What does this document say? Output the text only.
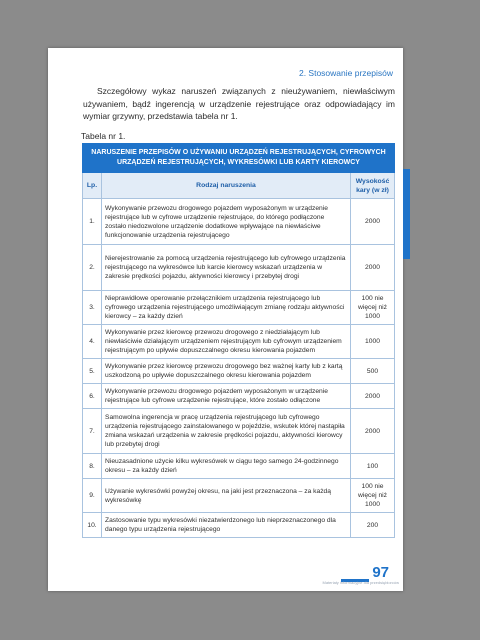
2. Stosowanie przepisów

Szczegółowy wykaz naruszeń związanych z nieużywaniem, niewłaściwym używaniem, bądź ingerencją w urządzenie rejestrujące oraz odpowiadający im wymiar grzywny, przedstawia tabela nr 1.

Tabela nr 1.
NARUSZENIE PRZEPISÓW O UŻYWANIU URZĄDZEŃ REJESTRUJĄCYCH, CYFROWYCH URZĄDZEŃ REJESTRUJĄCYCH, WYKRESÓWKI LUB KARTY KIEROWCY		
Lp.	Rodzaj naruszenia	Wysokość kary (w zł)
1.	Wykonywanie przewozu drogowego pojazdem wyposażonym w urządzenie rejestrujące lub w cyfrowe urządzenie rejestrujące, do którego podłączone zostało niedozwolone urządzenie dodatkowe wpływające na niewłaściwe funkcjonowanie urządzenia rejestrującego	2000
2.	Nierejestrowanie za pomocą urządzenia rejestrującego lub cyfrowego urządzenia rejestrującego na wykresówce lub karcie kierowcy wskazań urządzenia w zakresie prędkości pojazdu, aktywności kierowcy i przebytej drogi	2000
3.	Nieprawidłowe operowanie przełącznikiem urządzenia rejestrującego lub cyfrowego urządzenia rejestrującego umożliwiającym zmianę rodzaju aktywności kierowcy – za każdy dzień	100 nie więcej niż 1000
4.	Wykonywanie przez kierowcę przewozu drogowego z niedziałającym lub niewłaściwie działającym urządzeniem rejestrującym lub cyfrowym urządzeniem rejestrującym po upływie dopuszczalnego okresu kierowania pojazdem	1000
5.	Wykonywanie przez kierowcę przewozu drogowego bez ważnej karty lub z kartą uszkodzoną po upływie dopuszczalnego okresu kierowania pojazdem	500
6.	Wykonywanie przewozu drogowego pojazdem wyposażonym w urządzenie rejestrujące lub cyfrowe urządzenie rejestrujące, które zostało odłączone	2000
7.	Samowolna ingerencja w pracę urządzenia rejestrującego lub cyfrowego urządzenia rejestrującego zainstalowanego w pojeździe, wskutek której nastąpiła zmiana wskazań urządzenia w zakresie prędkości pojazdu, aktywności kierowcy lub przebytej drogi	2000
8.	Nieuzasadnione użycie kilku wykresówek w ciągu tego samego 24-godzinnego okresu – za każdy dzień	100
9.	Używanie wykresówki powyżej okresu, na jaki jest przeznaczona – za każdą wykresówkę	100 nie więcej niż 1000
10.	Zastosowanie typu wykresówki niezatwierdzonego lub nieprzeznaczonego dla danego typu urządzenia rejestrującego	200
97
Materiały informacyjne dla przedsiębiorców
